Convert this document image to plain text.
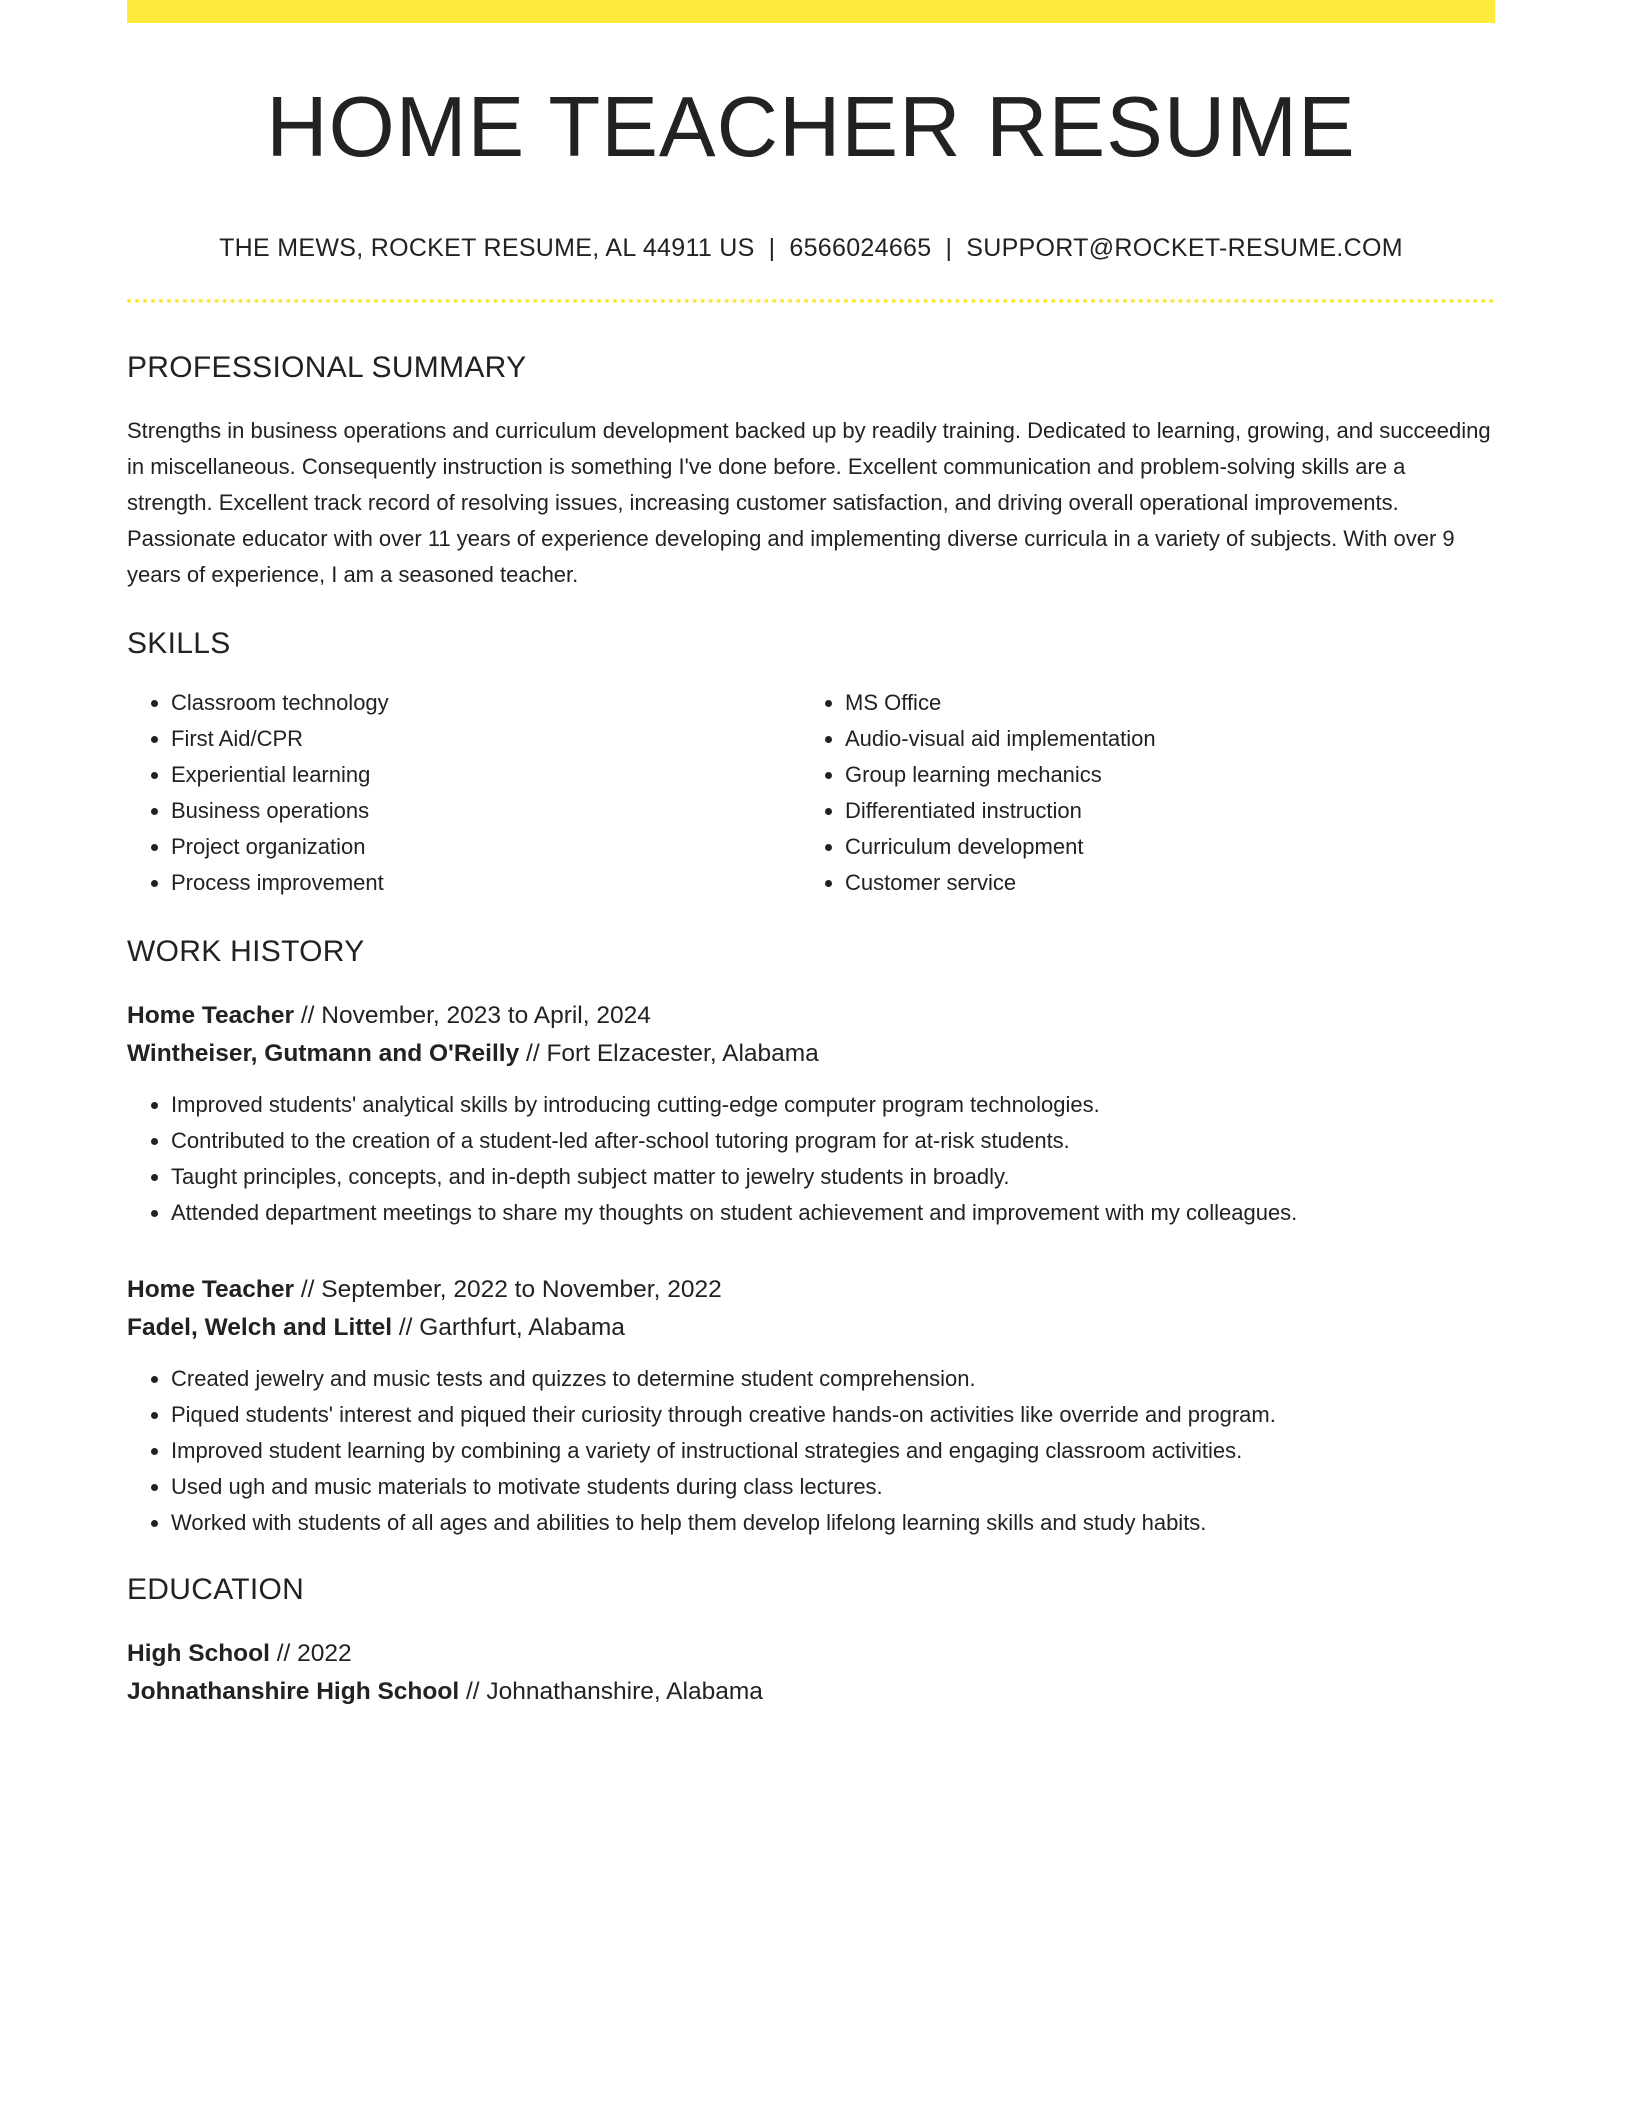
HOME TEACHER RESUME
THE MEWS, ROCKET RESUME, AL 44911 US | 6566024665 | SUPPORT@ROCKET-RESUME.COM
PROFESSIONAL SUMMARY

Strengths in business operations and curriculum development backed up by readily training. Dedicated to learning, growing, and succeeding in miscellaneous. Consequently instruction is something I've done before. Excellent communication and problem-solving skills are a strength. Excellent track record of resolving issues, increasing customer satisfaction, and driving overall operational improvements. Passionate educator with over 11 years of experience developing and implementing diverse curricula in a variety of subjects. With over 9 years of experience, I am a seasoned teacher.

SKILLS
• Classroom technology
• First Aid/CPR
• Experiential learning
• Business operations
• Project organization
• Process improvement
• MS Office
• Audio-visual aid implementation
• Group learning mechanics
• Differentiated instruction
• Curriculum development
• Customer service
WORK HISTORY
Home Teacher // November, 2023 to April, 2024
Wintheiser, Gutmann and O'Reilly // Fort Elzacester, Alabama
• Improved students' analytical skills by introducing cutting-edge computer program technologies.
• Contributed to the creation of a student-led after-school tutoring program for at-risk students.
• Taught principles, concepts, and in-depth subject matter to jewelry students in broadly.
• Attended department meetings to share my thoughts on student achievement and improvement with my colleagues.
Home Teacher // September, 2022 to November, 2022
Fadel, Welch and Littel // Garthfurt, Alabama
• Created jewelry and music tests and quizzes to determine student comprehension.
• Piqued students' interest and piqued their curiosity through creative hands-on activities like override and program.
• Improved student learning by combining a variety of instructional strategies and engaging classroom activities.
• Used ugh and music materials to motivate students during class lectures.
• Worked with students of all ages and abilities to help them develop lifelong learning skills and study habits.
EDUCATION
High School // 2022
Johnathanshire High School // Johnathanshire, Alabama
